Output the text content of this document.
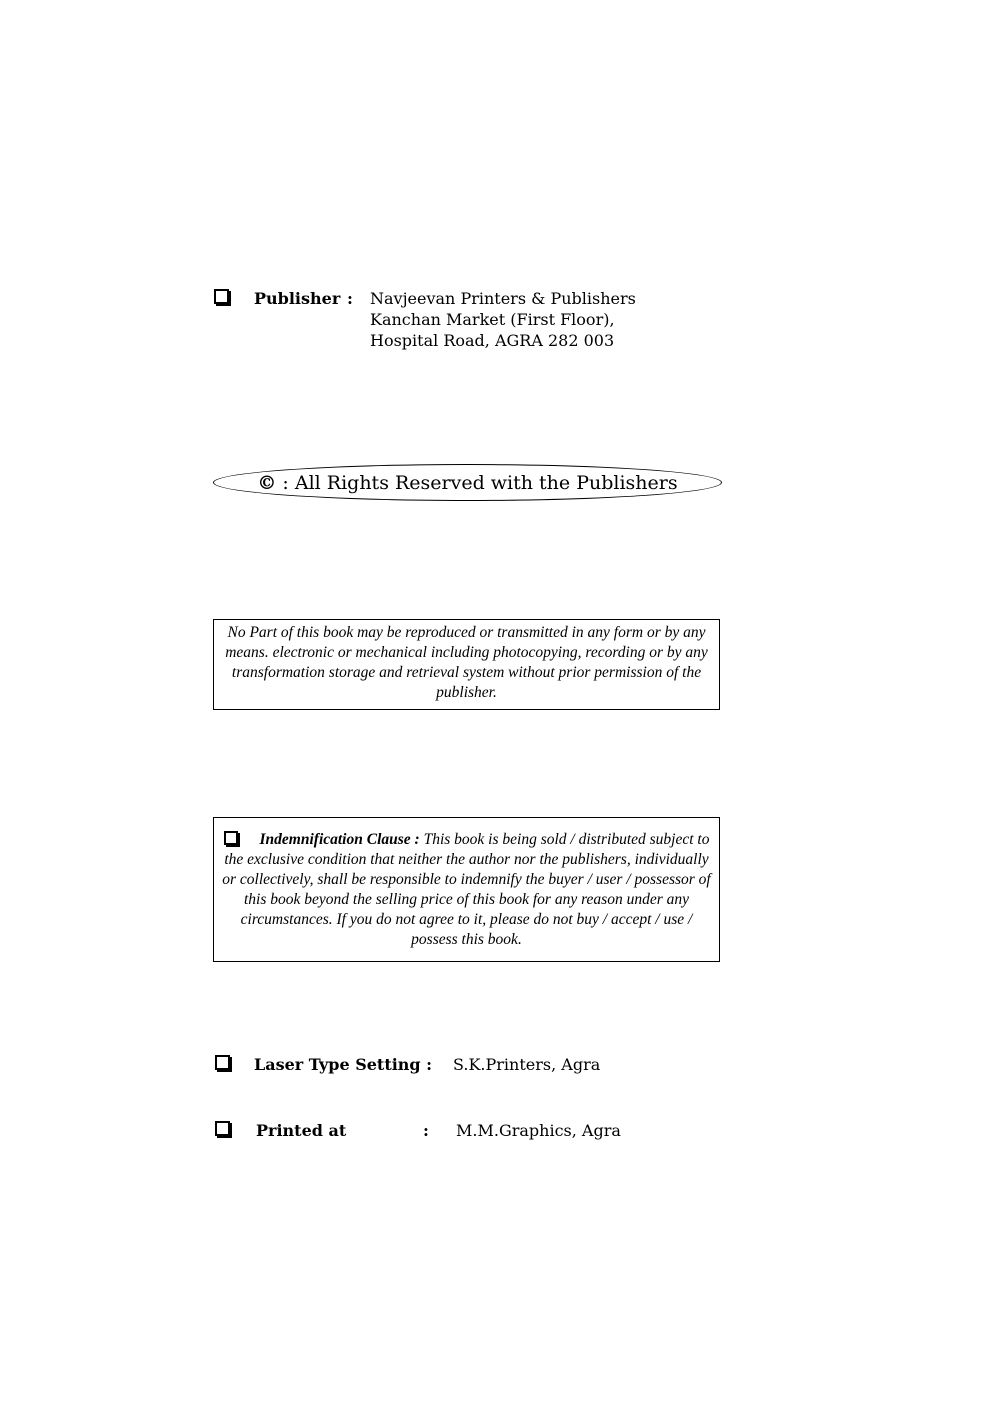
Publisher : Navjeevan Printers & Publishers
Kanchan Market (First Floor),
Hospital Road, AGRA 282 003
© : All Rights Reserved with the Publishers
No Part of this book may be reproduced or transmitted in any form or by any means. electronic or mechanical including photocopying, recording or by any transformation storage and retrieval system without prior permission of the publisher.
Indemnification Clause : This book is being sold / distributed subject to the exclusive condition that neither the author nor the publishers, individually or collectively, shall be responsible to indemnify the buyer / user / possessor of this book beyond the selling price of this book for any reason under any circumstances. If you do not agree to it, please do not buy / accept / use / possess this book.
Laser Type Setting : S.K.Printers, Agra
Printed at	: M.M.Graphics, Agra
